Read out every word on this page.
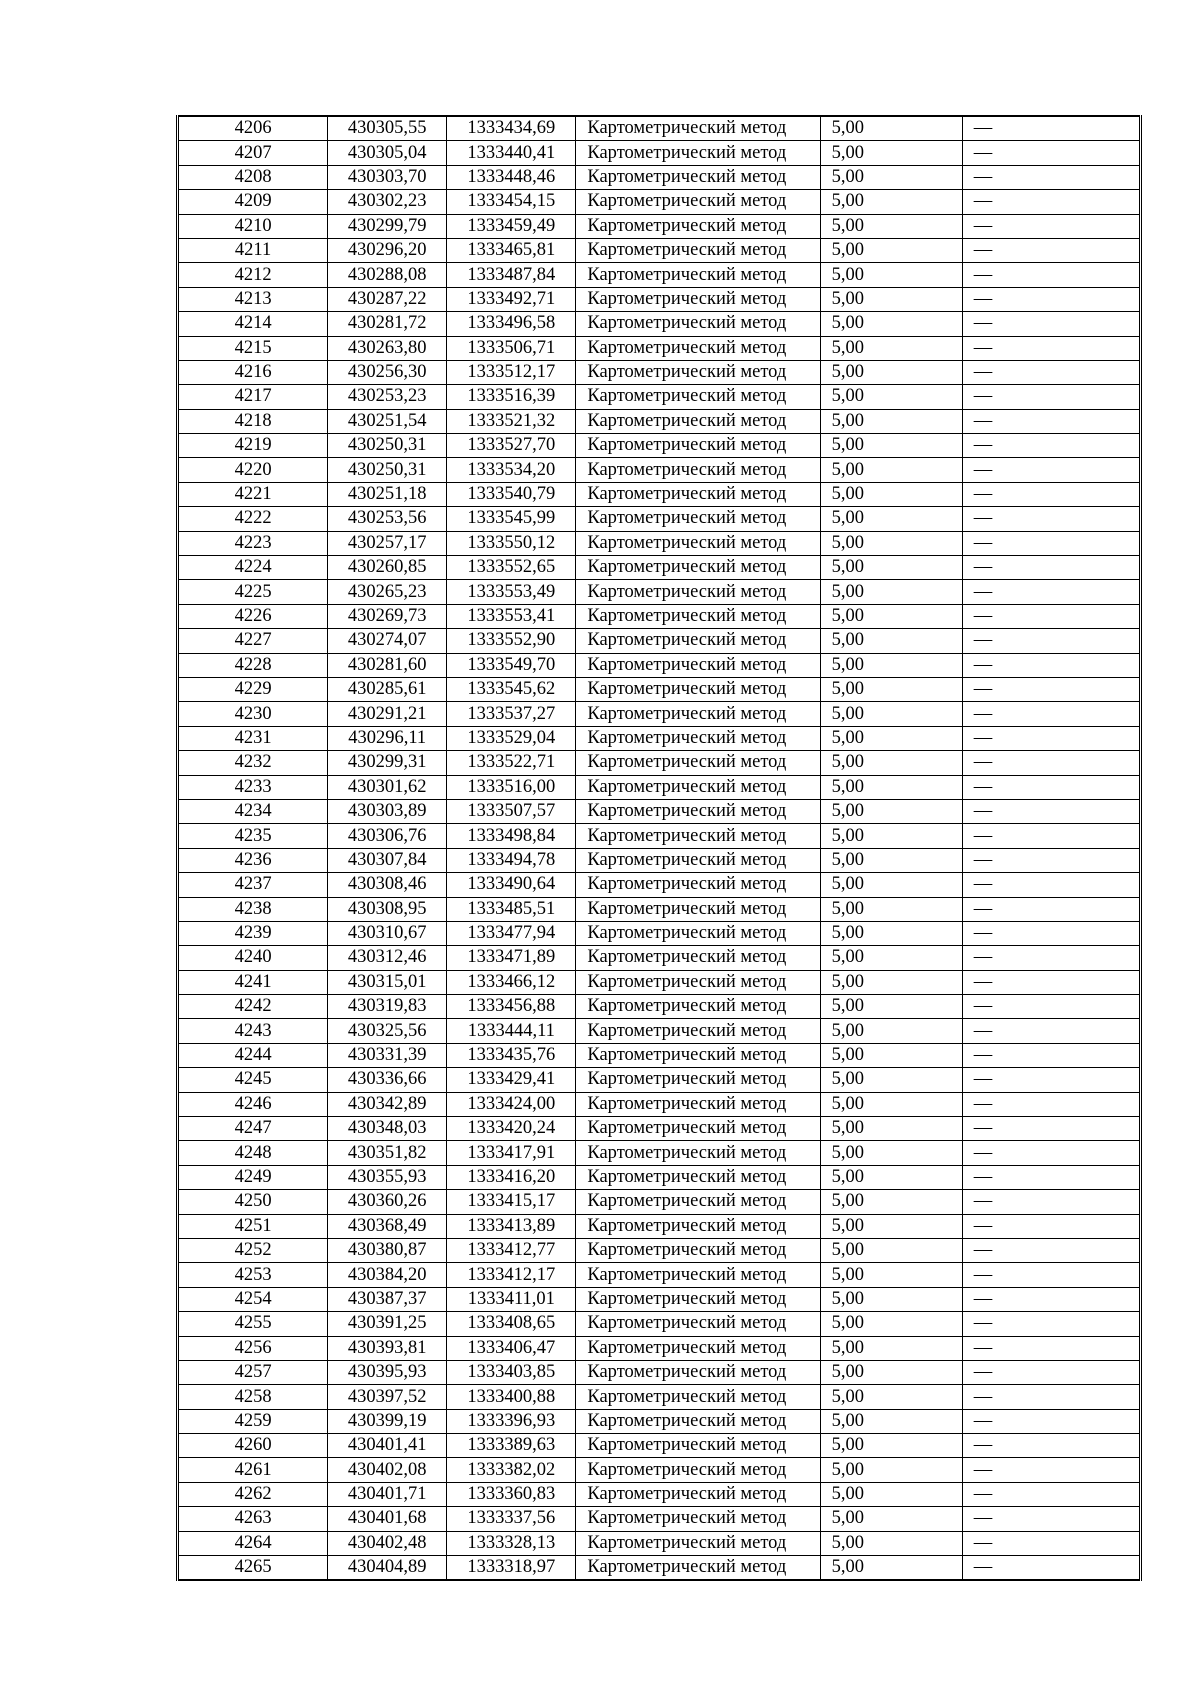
4206	430305,55	1333434,69	Картометрический метод	5,00	—
4207	430305,04	1333440,41	Картометрический метод	5,00	—
4208	430303,70	1333448,46	Картометрический метод	5,00	—
4209	430302,23	1333454,15	Картометрический метод	5,00	—
4210	430299,79	1333459,49	Картометрический метод	5,00	—
4211	430296,20	1333465,81	Картометрический метод	5,00	—
4212	430288,08	1333487,84	Картометрический метод	5,00	—
4213	430287,22	1333492,71	Картометрический метод	5,00	—
4214	430281,72	1333496,58	Картометрический метод	5,00	—
4215	430263,80	1333506,71	Картометрический метод	5,00	—
4216	430256,30	1333512,17	Картометрический метод	5,00	—
4217	430253,23	1333516,39	Картометрический метод	5,00	—
4218	430251,54	1333521,32	Картометрический метод	5,00	—
4219	430250,31	1333527,70	Картометрический метод	5,00	—
4220	430250,31	1333534,20	Картометрический метод	5,00	—
4221	430251,18	1333540,79	Картометрический метод	5,00	—
4222	430253,56	1333545,99	Картометрический метод	5,00	—
4223	430257,17	1333550,12	Картометрический метод	5,00	—
4224	430260,85	1333552,65	Картометрический метод	5,00	—
4225	430265,23	1333553,49	Картометрический метод	5,00	—
4226	430269,73	1333553,41	Картометрический метод	5,00	—
4227	430274,07	1333552,90	Картометрический метод	5,00	—
4228	430281,60	1333549,70	Картометрический метод	5,00	—
4229	430285,61	1333545,62	Картометрический метод	5,00	—
4230	430291,21	1333537,27	Картометрический метод	5,00	—
4231	430296,11	1333529,04	Картометрический метод	5,00	—
4232	430299,31	1333522,71	Картометрический метод	5,00	—
4233	430301,62	1333516,00	Картометрический метод	5,00	—
4234	430303,89	1333507,57	Картометрический метод	5,00	—
4235	430306,76	1333498,84	Картометрический метод	5,00	—
4236	430307,84	1333494,78	Картометрический метод	5,00	—
4237	430308,46	1333490,64	Картометрический метод	5,00	—
4238	430308,95	1333485,51	Картометрический метод	5,00	—
4239	430310,67	1333477,94	Картометрический метод	5,00	—
4240	430312,46	1333471,89	Картометрический метод	5,00	—
4241	430315,01	1333466,12	Картометрический метод	5,00	—
4242	430319,83	1333456,88	Картометрический метод	5,00	—
4243	430325,56	1333444,11	Картометрический метод	5,00	—
4244	430331,39	1333435,76	Картометрический метод	5,00	—
4245	430336,66	1333429,41	Картометрический метод	5,00	—
4246	430342,89	1333424,00	Картометрический метод	5,00	—
4247	430348,03	1333420,24	Картометрический метод	5,00	—
4248	430351,82	1333417,91	Картометрический метод	5,00	—
4249	430355,93	1333416,20	Картометрический метод	5,00	—
4250	430360,26	1333415,17	Картометрический метод	5,00	—
4251	430368,49	1333413,89	Картометрический метод	5,00	—
4252	430380,87	1333412,77	Картометрический метод	5,00	—
4253	430384,20	1333412,17	Картометрический метод	5,00	—
4254	430387,37	1333411,01	Картометрический метод	5,00	—
4255	430391,25	1333408,65	Картометрический метод	5,00	—
4256	430393,81	1333406,47	Картометрический метод	5,00	—
4257	430395,93	1333403,85	Картометрический метод	5,00	—
4258	430397,52	1333400,88	Картометрический метод	5,00	—
4259	430399,19	1333396,93	Картометрический метод	5,00	—
4260	430401,41	1333389,63	Картометрический метод	5,00	—
4261	430402,08	1333382,02	Картометрический метод	5,00	—
4262	430401,71	1333360,83	Картометрический метод	5,00	—
4263	430401,68	1333337,56	Картометрический метод	5,00	—
4264	430402,48	1333328,13	Картометрический метод	5,00	—
4265	430404,89	1333318,97	Картометрический метод	5,00	—
